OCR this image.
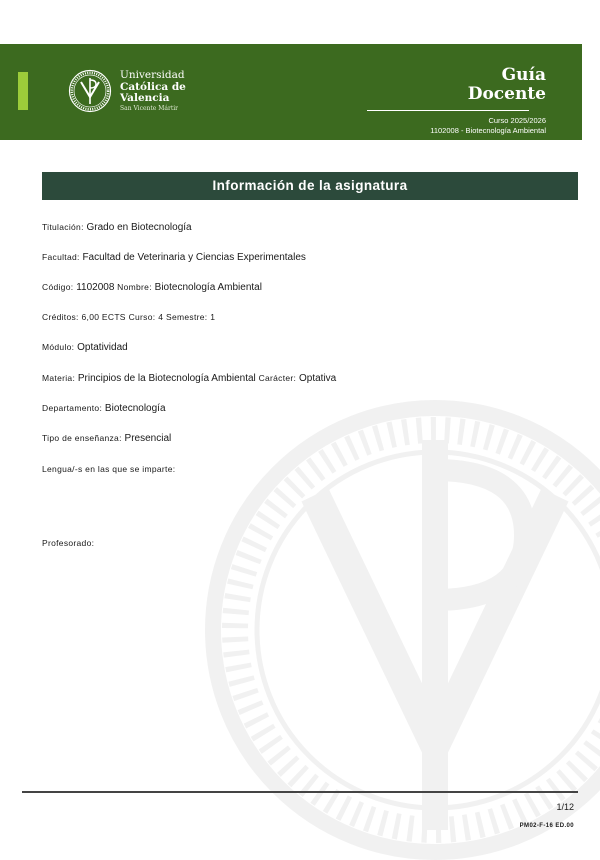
Universidad
Católica de
Valencia
San Vicente Mártir
Guía
Docente
Curso 2025/2026
1102008 - Biotecnología Ambiental
Información de la asignatura
Titulación: Grado en Biotecnología
Facultad: Facultad de Veterinaria y Ciencias Experimentales
Código: 1102008 Nombre: Biotecnología Ambiental
Créditos: 6,00 ECTS Curso: 4 Semestre: 1
Módulo: Optatividad
Materia: Principios de la Biotecnología Ambiental Carácter: Optativa
Departamento: Biotecnología
Tipo de enseñanza: Presencial
Lengua/-s en las que se imparte:
Profesorado:
1/12
PM02-F-16 ED.00
